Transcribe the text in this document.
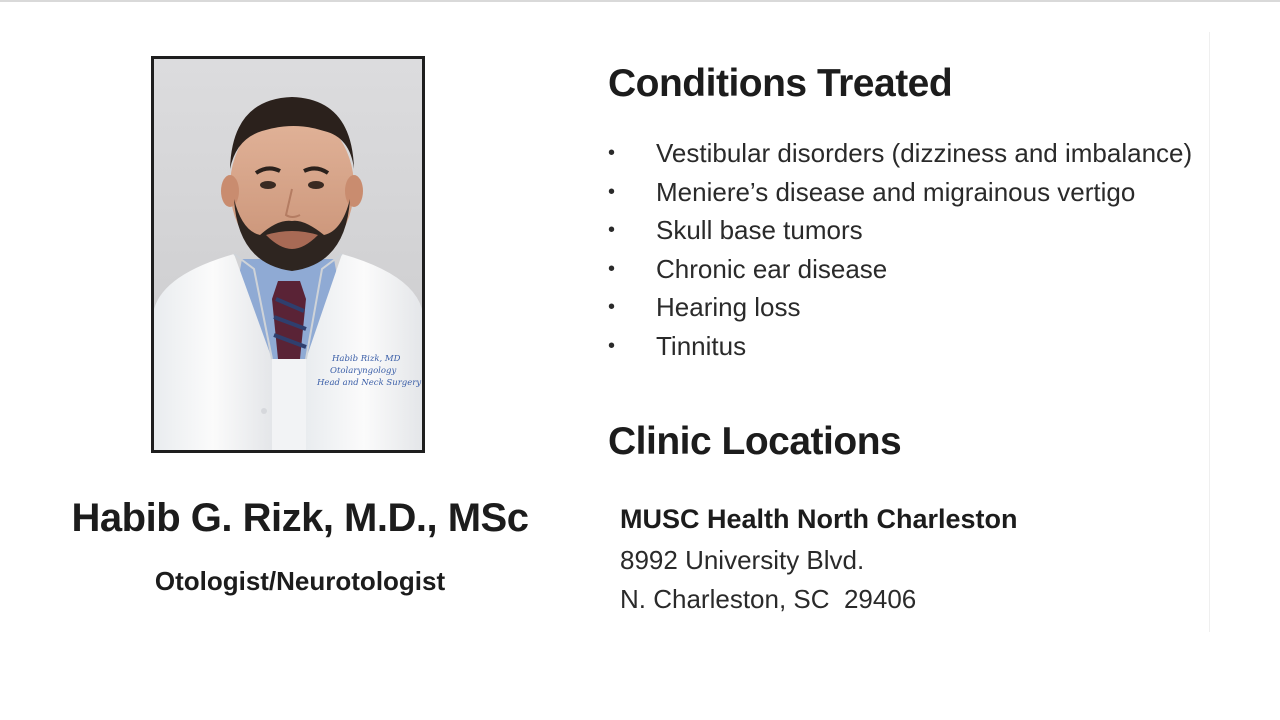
Habib Rizk, MD
Otolaryngology
Head and Neck Surgery
Habib G. Rizk, M.D., MSc
Otologist/Neurotologist
Conditions Treated
• Vestibular disorders (dizziness and imbalance)
• Meniere’s disease and migrainous vertigo
• Skull base tumors
• Chronic ear disease
• Hearing loss
• Tinnitus
Clinic Locations
MUSC Health North Charleston
8992 University Blvd.
N. Charleston, SC  29406
